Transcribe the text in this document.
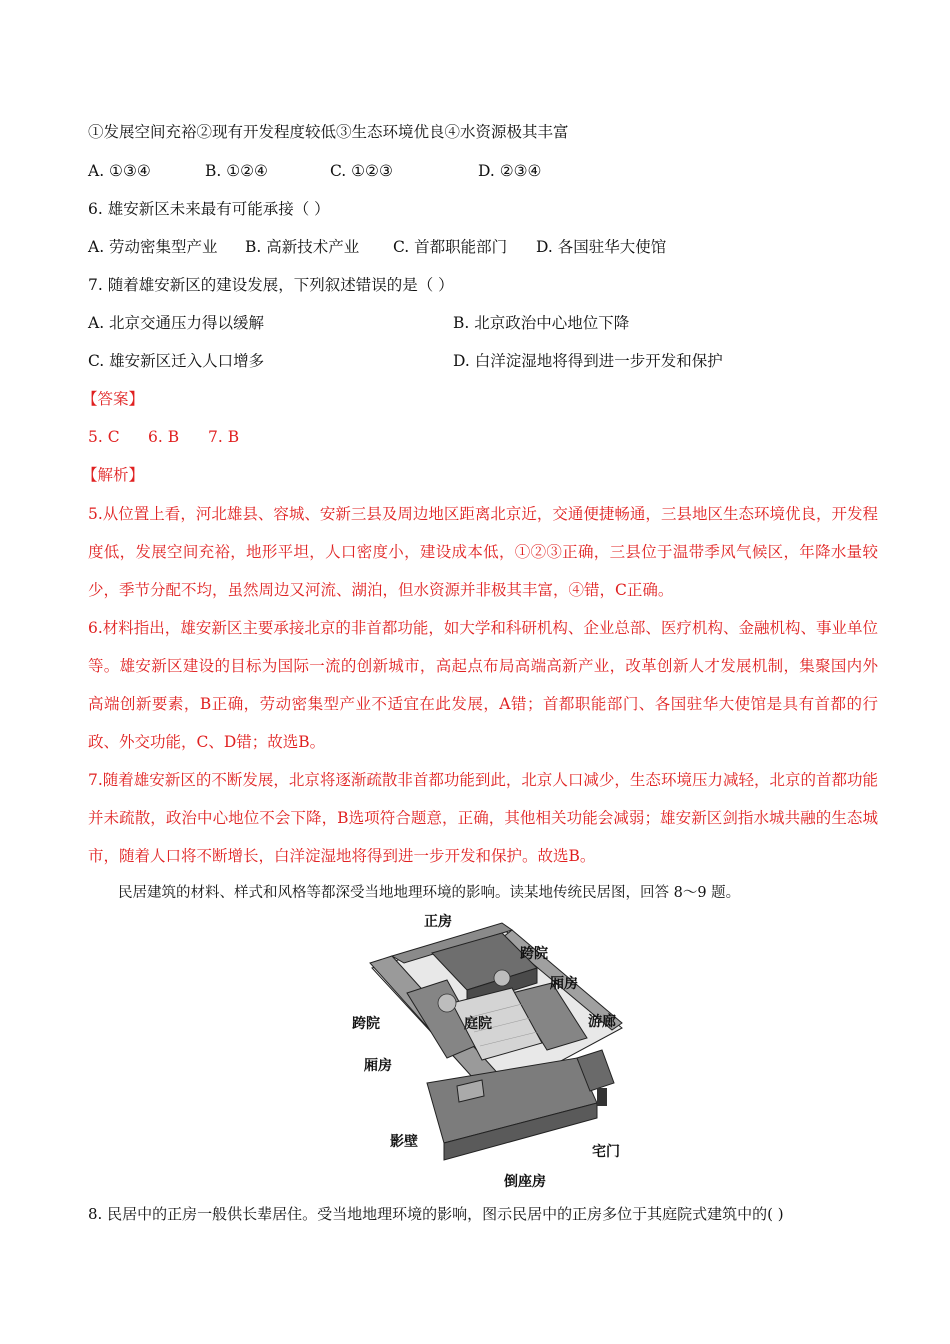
①发展空间充裕②现有开发程度较低③生态环境优良④水资源极其丰富
A. ①③④	B. ①②④	C. ①②③	D. ②③④
6. 雄安新区未来最有可能承接（ ）
A. 劳动密集型产业 B. 高新技术产业 C. 首都职能部门 D. 各国驻华大使馆
7. 随着雄安新区的建设发展，下列叙述错误的是（ ）
A. 北京交通压力得以缓解	B. 北京政治中心地位下降
C. 雄安新区迁入人口增多	D. 白洋淀湿地将得到进一步开发和保护
【答案】
5. C 6. B 7. B
【解析】
5.从位置上看，河北雄县、容城、安新三县及周边地区距离北京近，交通便捷畅通，三县地区生态环境优良，开发程度低，发展空间充裕，地形平坦，人口密度小，建设成本低，①②③正确，三县位于温带季风气候区，年降水量较少，季节分配不均，虽然周边又河流、湖泊，但水资源并非极其丰富，④错，C正确。
6.材料指出，雄安新区主要承接北京的非首都功能，如大学和科研机构、企业总部、医疗机构、金融机构、事业单位等。雄安新区建设的目标为国际一流的创新城市，高起点布局高端高新产业，改革创新人才发展机制，集聚国内外高端创新要素，B正确，劳动密集型产业不适宜在此发展，A错；首都职能部门、各国驻华大使馆是具有首都的行政、外交功能，C、D错；故选B。
7.随着雄安新区的不断发展，北京将逐渐疏散非首都功能到此，北京人口减少，生态环境压力减轻，北京的首都功能并未疏散，政治中心地位不会下降，B选项符合题意，正确，其他相关功能会减弱；雄安新区剑指水城共融的生态城市，随着人口将不断增长，白洋淀湿地将得到进一步开发和保护。故选B。
民居建筑的材料、样式和风格等都深受当地地理环境的影响。读某地传统民居图，回答 8～9 题。
正房
跨院
厢房
跨院	庭院	游廊
厢房
影壁
宅门
倒座房
8. 民居中的正房一般供长辈居住。受当地地理环境的影响，图示民居中的正房多位于其庭院式建筑中的( )
